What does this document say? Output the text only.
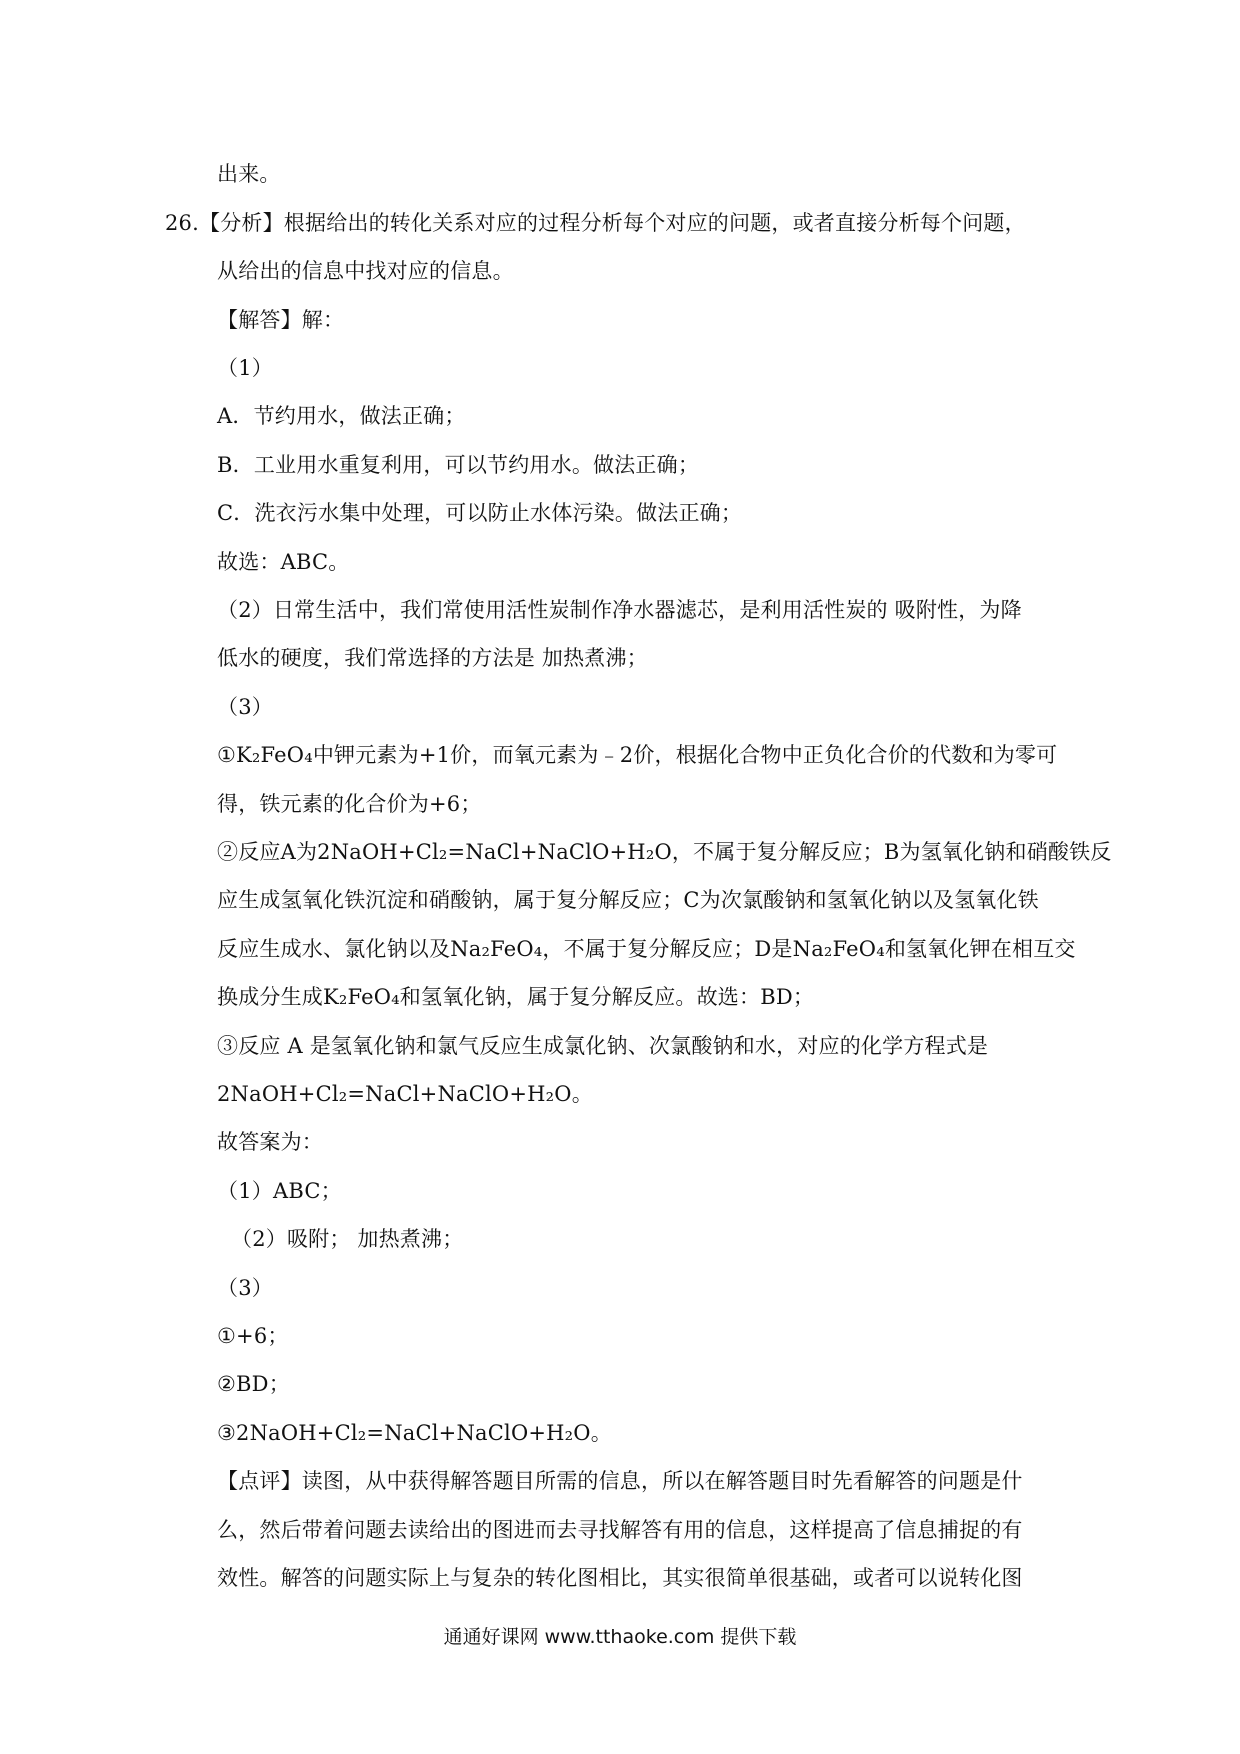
出来。
26.【分析】根据给出的转化关系对应的过程分析每个对应的问题，或者直接分析每个问题，
从给出的信息中找对应的信息。
【解答】解：
（1）
A．节约用水，做法正确；
B．工业用水重复利用，可以节约用水。做法正确；
C．洗衣污水集中处理，可以防止水体污染。做法正确；
故选：ABC。
（2）日常生活中，我们常使用活性炭制作净水器滤芯，是利用活性炭的 吸附性，为降
低水的硬度，我们常选择的方法是 加热煮沸；
（3）
①K₂FeO₄中钾元素为+1价，而氧元素为﹣2价，根据化合物中正负化合价的代数和为零可
得，铁元素的化合价为+6；
②反应A为2NaOH+Cl₂=NaCl+NaClO+H₂O，不属于复分解反应；B为氢氧化钠和硝酸铁反
应生成氢氧化铁沉淀和硝酸钠，属于复分解反应；C为次氯酸钠和氢氧化钠以及氢氧化铁
反应生成水、氯化钠以及Na₂FeO₄，不属于复分解反应；D是Na₂FeO₄和氢氧化钾在相互交
换成分生成K₂FeO₄和氢氧化钠，属于复分解反应。故选：BD；
③反应 A 是氢氧化钠和氯气反应生成氯化钠、次氯酸钠和水，对应的化学方程式是
2NaOH+Cl₂=NaCl+NaClO+H₂O。
故答案为：
（1）ABC；
（2）吸附； 加热煮沸；
（3）
①+6；
②BD；
③2NaOH+Cl₂=NaCl+NaClO+H₂O。
【点评】读图，从中获得解答题目所需的信息，所以在解答题目时先看解答的问题是什
么，然后带着问题去读给出的图进而去寻找解答有用的信息，这样提高了信息捕捉的有
效性。解答的问题实际上与复杂的转化图相比，其实很简单很基础，或者可以说转化图
通通好课网 www.tthaoke.com 提供下载
